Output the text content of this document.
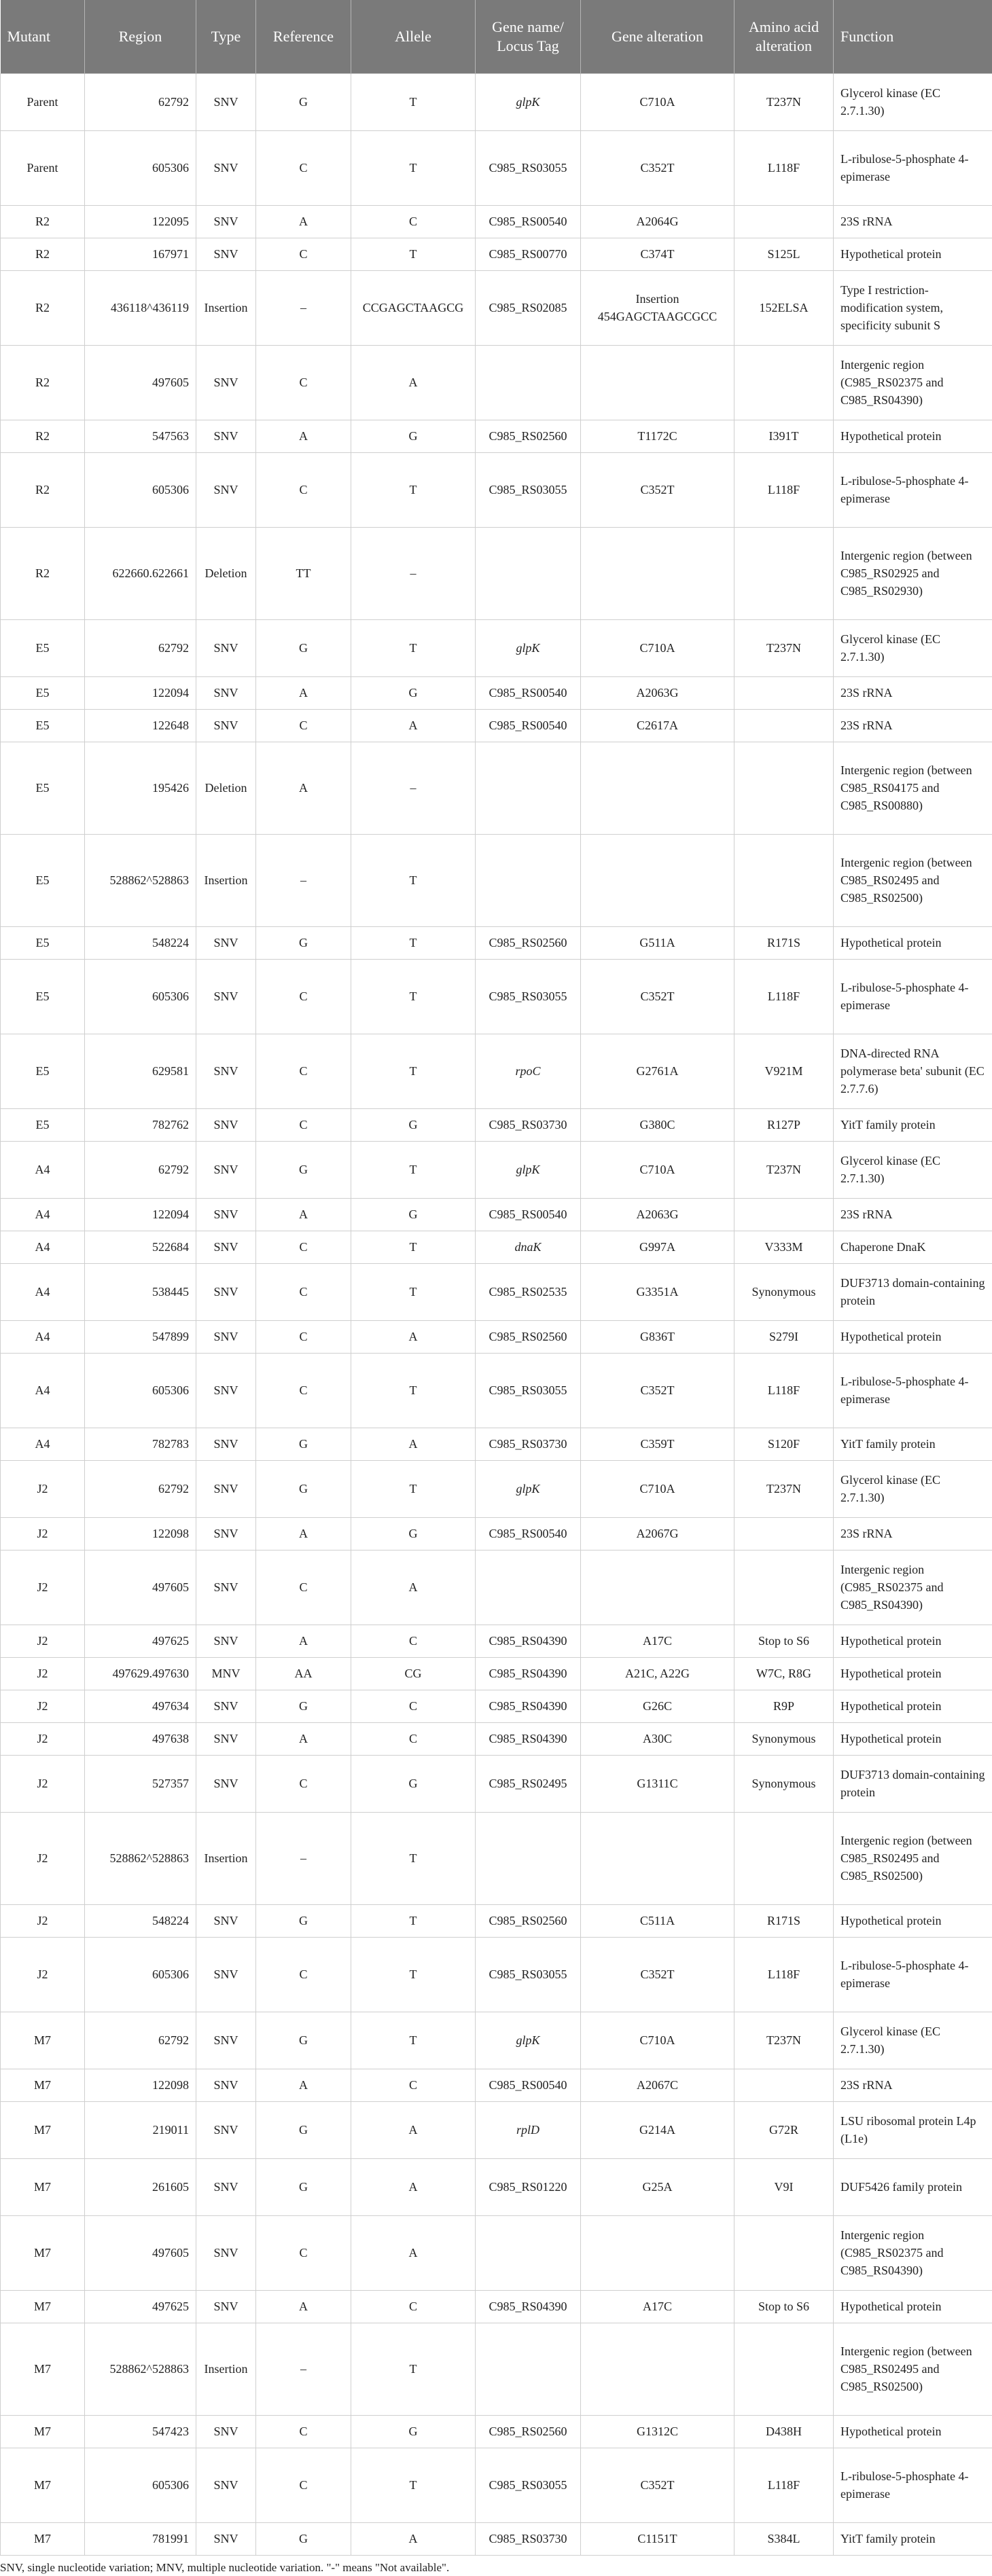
Mutant	Region	Type	Reference	Allele	Gene name/ Locus Tag	Gene alteration	Amino acid alteration	Function
Parent	62792	SNV	G	T	glpK	C710A	T237N	Glycerol kinase (EC 2.7.1.30)
Parent	605306	SNV	C	T	C985_RS03055	C352T	L118F	L-ribulose-5-phosphate 4-epimerase
R2	122095	SNV	A	C	C985_RS00540	A2064G		23S rRNA
R2	167971	SNV	C	T	C985_RS00770	C374T	S125L	Hypothetical protein
R2	436118^436119	Insertion	–	CCGAGCTAAGCG	C985_RS02085	Insertion 454GAGCTAAGCGCC	152ELSA	Type I restriction-modification system, specificity subunit S
R2	497605	SNV	C	A				Intergenic region (C985_RS02375 and C985_RS04390)
R2	547563	SNV	A	G	C985_RS02560	T1172C	I391T	Hypothetical protein
R2	605306	SNV	C	T	C985_RS03055	C352T	L118F	L-ribulose-5-phosphate 4-epimerase
R2	622660.622661	Deletion	TT	–				Intergenic region (between C985_RS02925 and C985_RS02930)
E5	62792	SNV	G	T	glpK	C710A	T237N	Glycerol kinase (EC 2.7.1.30)
E5	122094	SNV	A	G	C985_RS00540	A2063G		23S rRNA
E5	122648	SNV	C	A	C985_RS00540	C2617A		23S rRNA
E5	195426	Deletion	A	–				Intergenic region (between C985_RS04175 and C985_RS00880)
E5	528862^528863	Insertion	–	T				Intergenic region (between C985_RS02495 and C985_RS02500)
E5	548224	SNV	G	T	C985_RS02560	G511A	R171S	Hypothetical protein
E5	605306	SNV	C	T	C985_RS03055	C352T	L118F	L-ribulose-5-phosphate 4-epimerase
E5	629581	SNV	C	T	rpoC	G2761A	V921M	DNA-directed RNA polymerase beta' subunit (EC 2.7.7.6)
E5	782762	SNV	C	G	C985_RS03730	G380C	R127P	YitT family protein
A4	62792	SNV	G	T	glpK	C710A	T237N	Glycerol kinase (EC 2.7.1.30)
A4	122094	SNV	A	G	C985_RS00540	A2063G		23S rRNA
A4	522684	SNV	C	T	dnaK	G997A	V333M	Chaperone DnaK
A4	538445	SNV	C	T	C985_RS02535	G3351A	Synonymous	DUF3713 domain-containing protein
A4	547899	SNV	C	A	C985_RS02560	G836T	S279I	Hypothetical protein
A4	605306	SNV	C	T	C985_RS03055	C352T	L118F	L-ribulose-5-phosphate 4-epimerase
A4	782783	SNV	G	A	C985_RS03730	C359T	S120F	YitT family protein
J2	62792	SNV	G	T	glpK	C710A	T237N	Glycerol kinase (EC 2.7.1.30)
J2	122098	SNV	A	G	C985_RS00540	A2067G		23S rRNA
J2	497605	SNV	C	A				Intergenic region (C985_RS02375 and C985_RS04390)
J2	497625	SNV	A	C	C985_RS04390	A17C	Stop to S6	Hypothetical protein
J2	497629.497630	MNV	AA	CG	C985_RS04390	A21C, A22G	W7C, R8G	Hypothetical protein
J2	497634	SNV	G	C	C985_RS04390	G26C	R9P	Hypothetical protein
J2	497638	SNV	A	C	C985_RS04390	A30C	Synonymous	Hypothetical protein
J2	527357	SNV	C	G	C985_RS02495	G1311C	Synonymous	DUF3713 domain-containing protein
J2	528862^528863	Insertion	–	T				Intergenic region (between C985_RS02495 and C985_RS02500)
J2	548224	SNV	G	T	C985_RS02560	C511A	R171S	Hypothetical protein
J2	605306	SNV	C	T	C985_RS03055	C352T	L118F	L-ribulose-5-phosphate 4-epimerase
M7	62792	SNV	G	T	glpK	C710A	T237N	Glycerol kinase (EC 2.7.1.30)
M7	122098	SNV	A	C	C985_RS00540	A2067C		23S rRNA
M7	219011	SNV	G	A	rplD	G214A	G72R	LSU ribosomal protein L4p (L1e)
M7	261605	SNV	G	A	C985_RS01220	G25A	V9I	DUF5426 family protein
M7	497605	SNV	C	A				Intergenic region (C985_RS02375 and C985_RS04390)
M7	497625	SNV	A	C	C985_RS04390	A17C	Stop to S6	Hypothetical protein
M7	528862^528863	Insertion	–	T				Intergenic region (between C985_RS02495 and C985_RS02500)
M7	547423	SNV	C	G	C985_RS02560	G1312C	D438H	Hypothetical protein
M7	605306	SNV	C	T	C985_RS03055	C352T	L118F	L-ribulose-5-phosphate 4-epimerase
M7	781991	SNV	G	A	C985_RS03730	C1151T	S384L	YitT family protein
SNV, single nucleotide variation; MNV, multiple nucleotide variation. "-" means "Not available".
